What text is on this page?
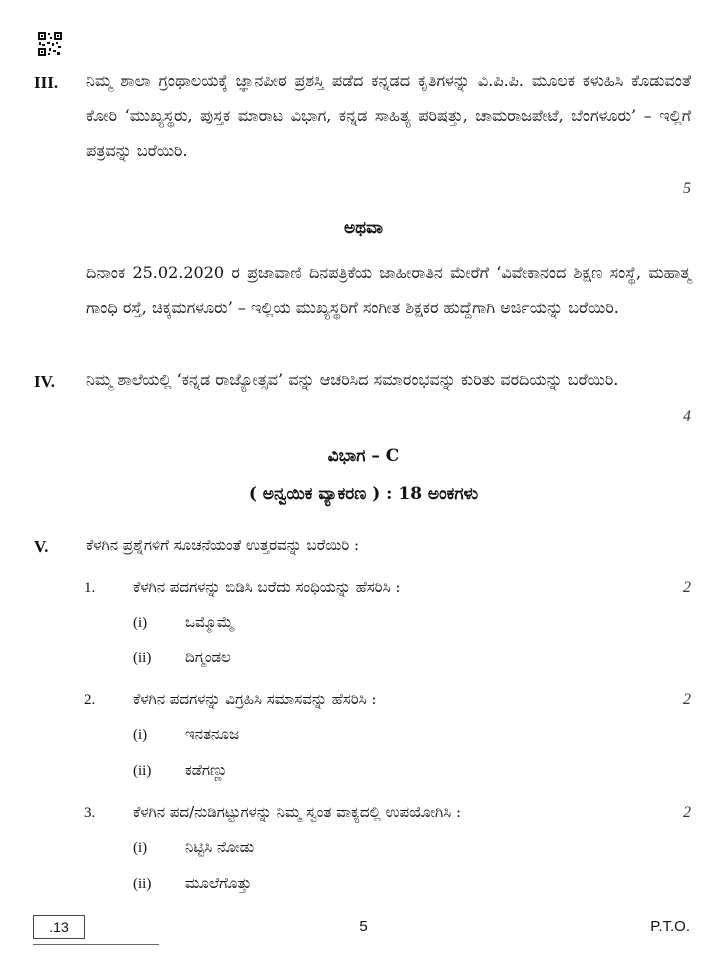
III. ನಿಮ್ಮ ಶಾಲಾ ಗ್ರಂಥಾಲಯಕ್ಕೆ ಜ್ಞಾನಪೀಠ ಪ್ರಶಸ್ತಿ ಪಡೆದ ಕನ್ನಡದ ಕೃತಿಗಳನ್ನು ವಿ.ಪಿ.ಪಿ. ಮೂಲಕ ಕಳುಹಿಸಿ ಕೊಡುವಂತೆ ಕೋರಿ ‘ಮುಖ್ಯಸ್ಥರು, ಪುಸ್ತಕ ಮಾರಾಟ ವಿಭಾಗ, ಕನ್ನಡ ಸಾಹಿತ್ಯ ಪರಿಷತ್ತು, ಚಾಮರಾಜಪೇಟೆ, ಬೆಂಗಳೂರು’ – ಇಲ್ಲಿಗೆ ಪತ್ರವನ್ನು ಬರೆಯಿರಿ.
5
ಅಥವಾ
ದಿನಾಂಕ 25.02.2020 ರ ಪ್ರಜಾವಾಣಿ ದಿನಪತ್ರಿಕೆಯ ಜಾಹೀರಾತಿನ ಮೇರೆಗೆ ‘ವಿವೇಕಾನಂದ ಶಿಕ್ಷಣ ಸಂಸ್ಥೆ, ಮಹಾತ್ಮ ಗಾಂಧಿ ರಸ್ತೆ, ಚಿಕ್ಕಮಗಳೂರು’ – ಇಲ್ಲಿಯ ಮುಖ್ಯಸ್ಥರಿಗೆ ಸಂಗೀತ ಶಿಕ್ಷಕರ ಹುದ್ದೆಗಾಗಿ ಅರ್ಜಿಯನ್ನು ಬರೆಯಿರಿ.
IV. ನಿಮ್ಮ ಶಾಲೆಯಲ್ಲಿ ‘ಕನ್ನಡ ರಾಜ್ಯೋತ್ಸವ’ ವನ್ನು ಆಚರಿಸಿದ ಸಮಾರಂಭವನ್ನು ಕುರಿತು ವರದಿಯನ್ನು ಬರೆಯಿರಿ.
4
ವಿಭಾಗ – C
( ಅನ್ವಯಿಕ ವ್ಯಾಕರಣ ) : 18 ಅಂಕಗಳು
V.	ಕೆಳಗಿನ ಪ್ರಶ್ನೆಗಳಿಗೆ ಸೂಚನೆಯಂತೆ ಉತ್ತರವನ್ನು ಬರೆಯಿರಿ :
1.	ಕೆಳಗಿನ ಪದಗಳನ್ನು ಬಿಡಿಸಿ ಬರೆದು ಸಂಧಿಯನ್ನು ಹೆಸರಿಸಿ :	2
(i)	ಒಮ್ಮೊಮ್ಮೆ
(ii) ದಿಗ್ಮಂಡಲ
2.	ಕೆಳಗಿನ ಪದಗಳನ್ನು ವಿಗ್ರಹಿಸಿ ಸಮಾಸವನ್ನು ಹೆಸರಿಸಿ :	2
(i)	ಇನತನೂಜ
(ii) ಕಡೆಗಣ್ಣು
3.	ಕೆಳಗಿನ ಪದ/ನುಡಿಗಟ್ಟುಗಳನ್ನು ನಿಮ್ಮ ಸ್ವಂತ ವಾಕ್ಯದಲ್ಲಿ ಉಪಯೋಗಿಸಿ :	2
(i)	ನಿಟ್ಟಿಸಿ ನೋಡು
(ii) ಮೂಲೆಗೊತ್ತು
.13	5	P.T.O.
